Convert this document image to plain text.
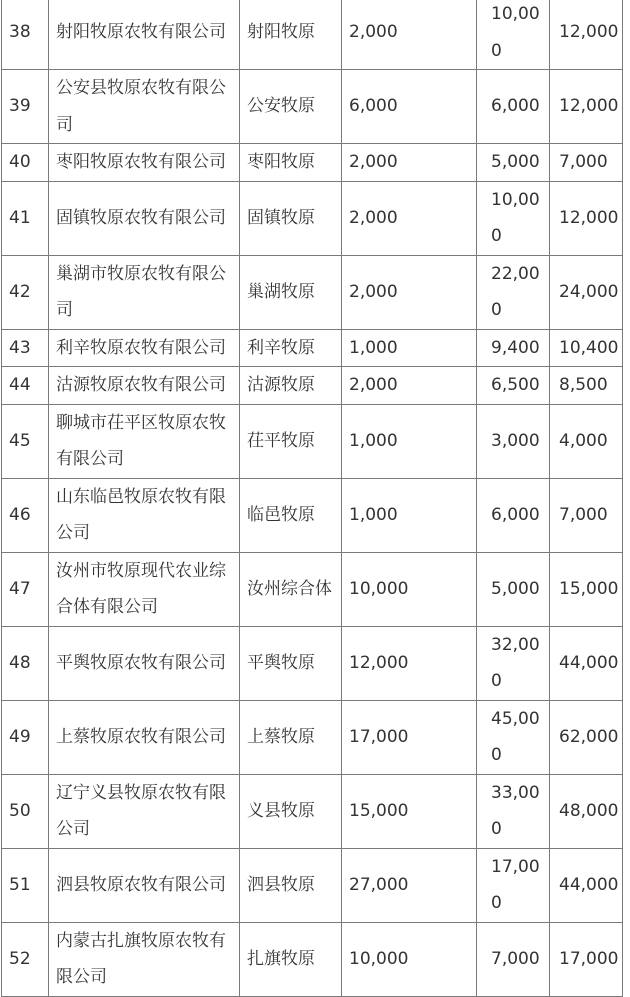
38	射阳牧原农牧有限公司	射阳牧原	2,000	10,000	12,000
39	公安县牧原农牧有限公司	公安牧原	6,000	6,000	12,000
40	枣阳牧原农牧有限公司	枣阳牧原	2,000	5,000	7,000
41	固镇牧原农牧有限公司	固镇牧原	2,000	10,000	12,000
42	巢湖市牧原农牧有限公司	巢湖牧原	2,000	22,000	24,000
43	利辛牧原农牧有限公司	利辛牧原	1,000	9,400	10,400
44	沽源牧原农牧有限公司	沽源牧原	2,000	6,500	8,500
45	聊城市茌平区牧原农牧有限公司	茌平牧原	1,000	3,000	4,000
46	山东临邑牧原农牧有限公司	临邑牧原	1,000	6,000	7,000
47	汝州市牧原现代农业综合体有限公司	汝州综合体	10,000	5,000	15,000
48	平舆牧原农牧有限公司	平舆牧原	12,000	32,000	44,000
49	上蔡牧原农牧有限公司	上蔡牧原	17,000	45,000	62,000
50	辽宁义县牧原农牧有限公司	义县牧原	15,000	33,000	48,000
51	泗县牧原农牧有限公司	泗县牧原	27,000	17,000	44,000
52	内蒙古扎旗牧原农牧有限公司	扎旗牧原	10,000	7,000	17,000
